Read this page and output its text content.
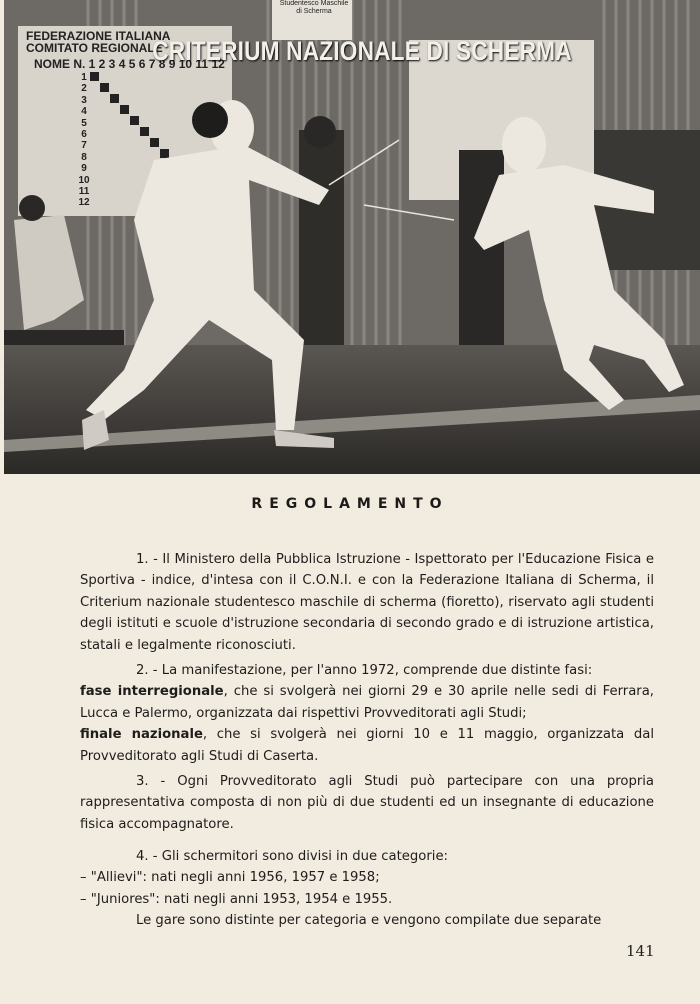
FEDERAZIONE ITALIANA
COMITATO REGIONALE
NOME N. 1 2 3 4 5 6 7 8 9 10 11 12
1
2
3
4
5
6
7
8
9
10
11
12
Studentesco Maschile
di Scherma
CRITERIUM NAZIONALE DI SCHERMA
REGOLAMENTO
1. - Il Ministero della Pubblica Istruzione - Ispettorato per l'Educazione Fisica e Sportiva - indice, d'intesa con il C.O.N.I. e con la Federazione Italiana di Scherma, il Criterium nazionale studentesco maschile di scherma (fioretto), riservato agli studenti degli istituti e scuole d'istruzione secondaria di secondo grado e di istruzione artistica, statali e legalmente riconosciuti.
2. - La manifestazione, per l'anno 1972, comprende due distinte fasi:
fase interregionale, che si svolgerà nei giorni 29 e 30 aprile nelle sedi di Ferrara, Lucca e Palermo, organizzata dai rispettivi Provveditorati agli Studi;
finale nazionale, che si svolgerà nei giorni 10 e 11 maggio, organizzata dal Provveditorato agli Studi di Caserta.
3. - Ogni Provveditorato agli Studi può partecipare con una propria rappresentativa composta di non più di due studenti ed un insegnante di educazione fisica accompagnatore.
4. - Gli schermitori sono divisi in due categorie:
– "Allievi": nati negli anni 1956, 1957 e 1958;
– "Juniores": nati negli anni 1953, 1954 e 1955.
Le gare sono distinte per categoria e vengono compilate due separate
141
